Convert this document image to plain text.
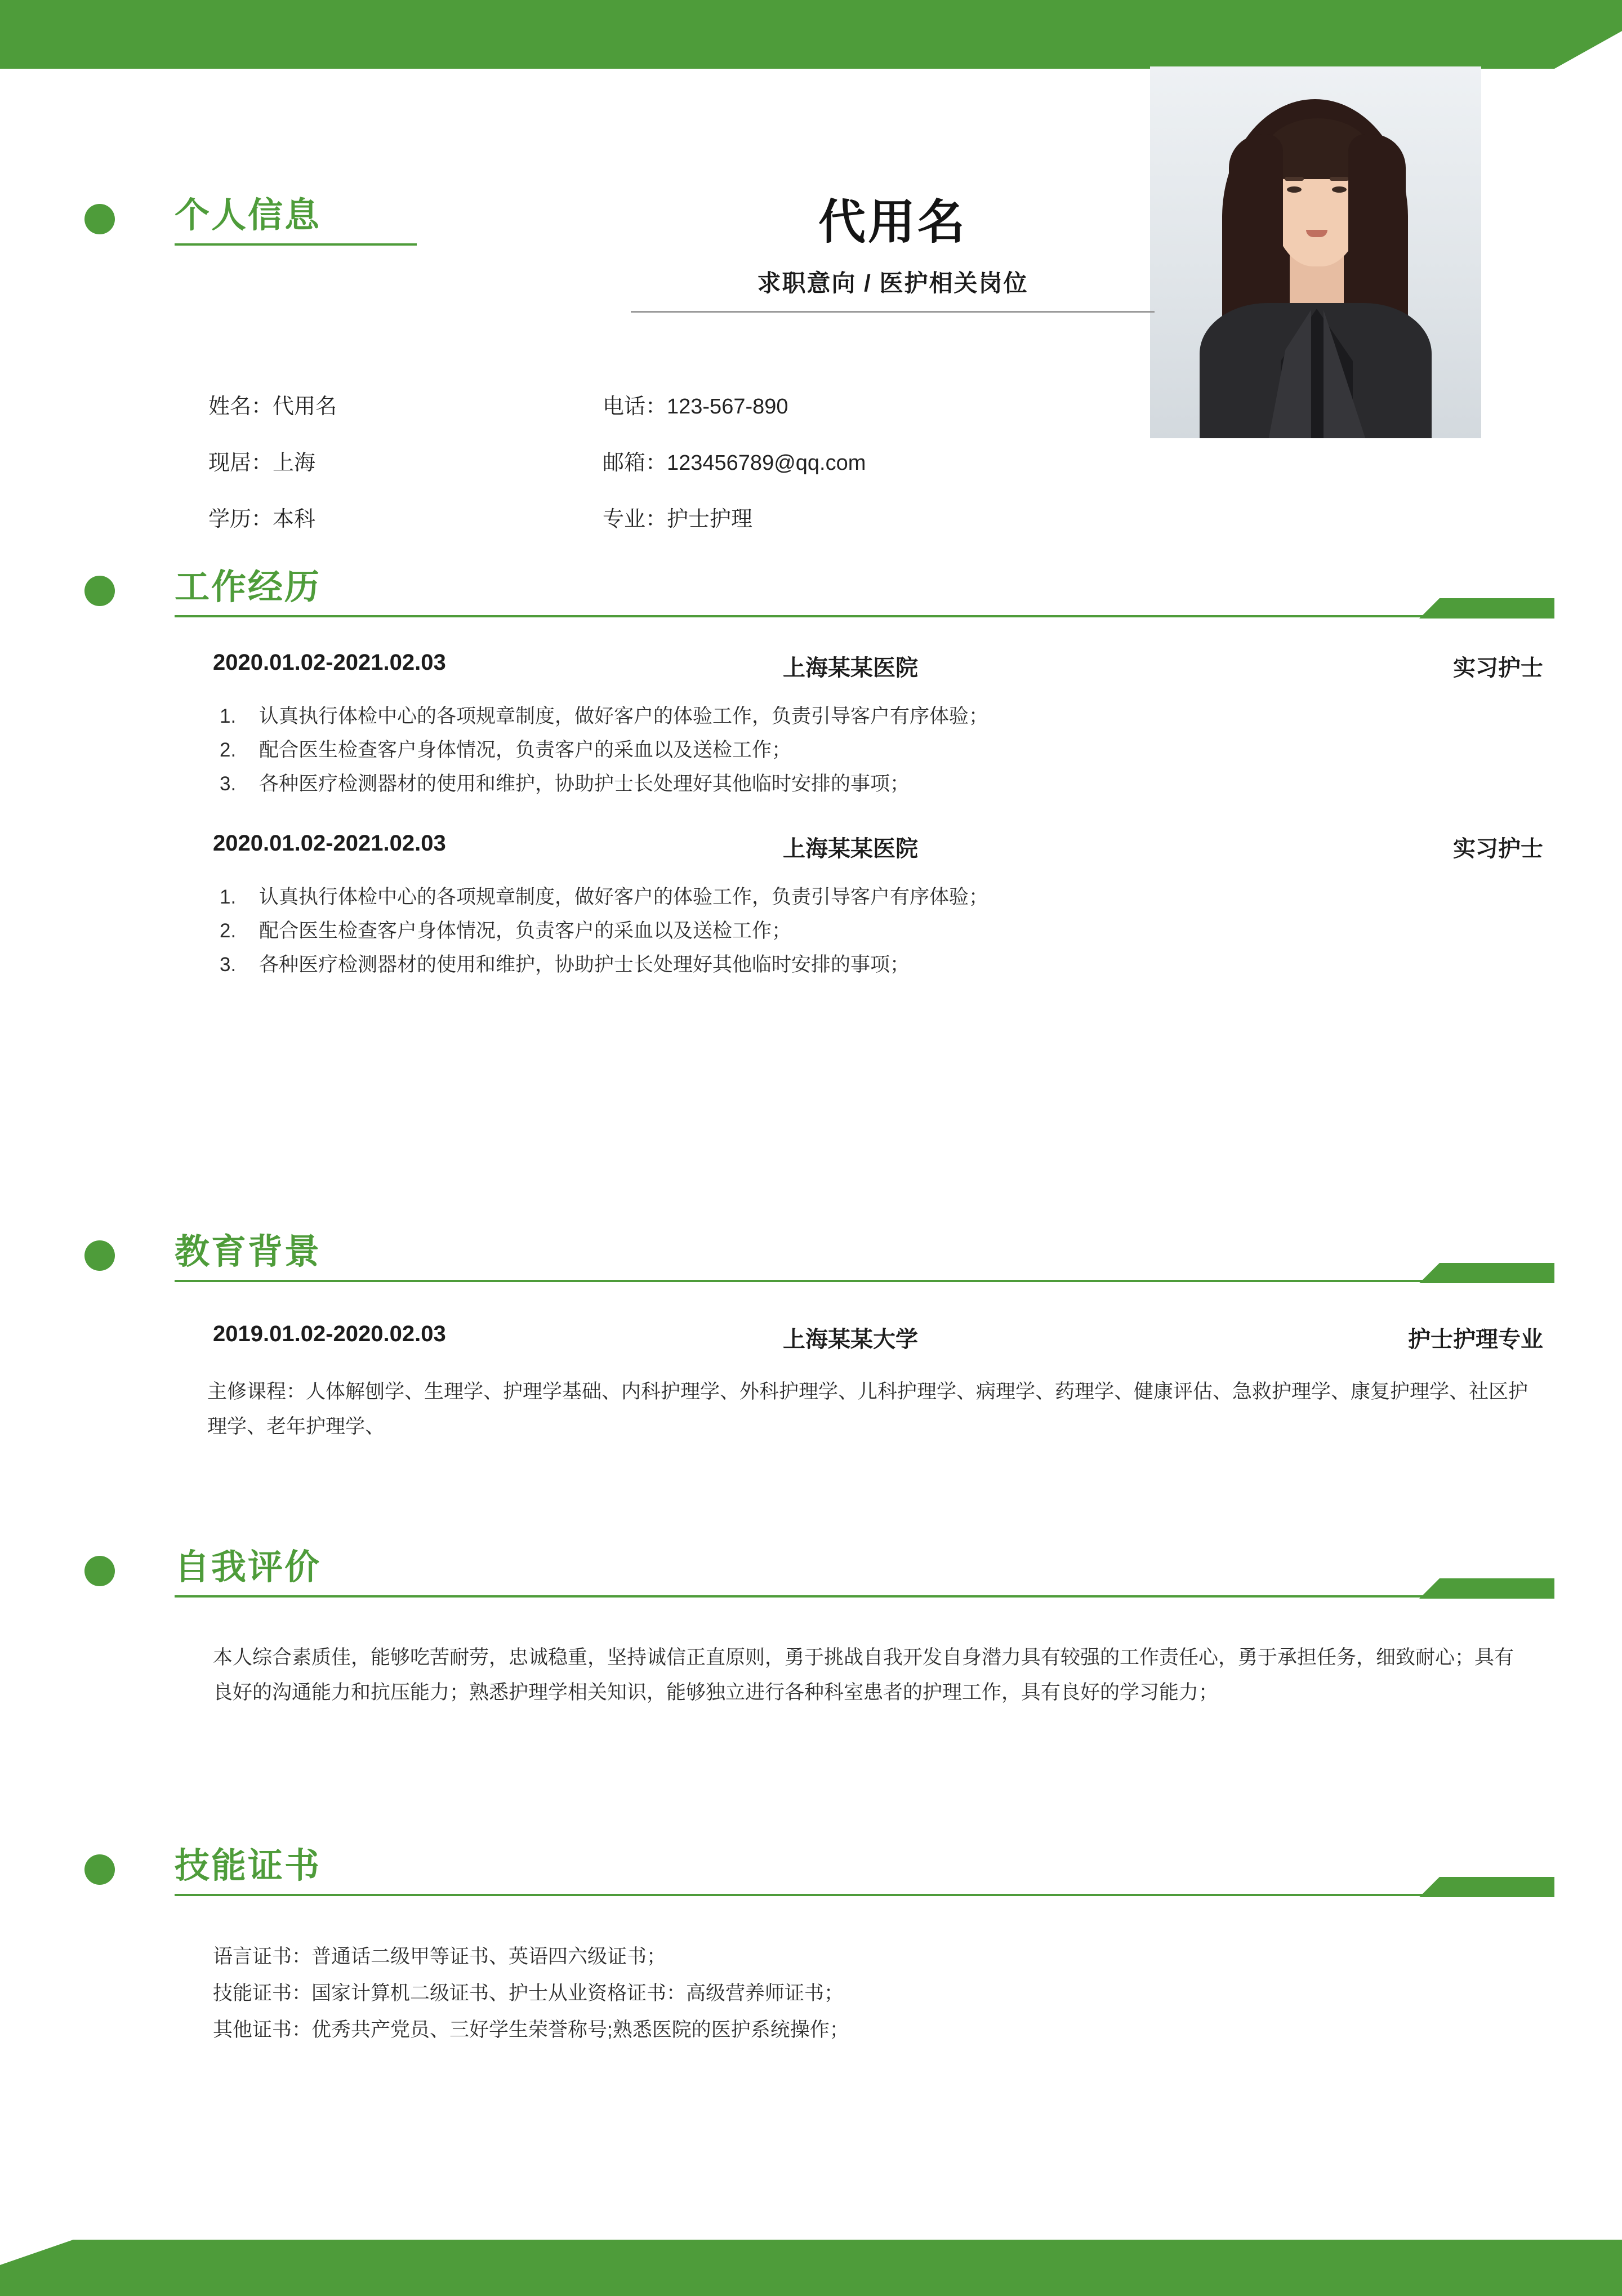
代用名
求职意向 / 医护相关岗位
个人信息
姓名：代用名	电话：123-567-890
现居：上海	邮箱：123456789@qq.com
学历：本科	专业：护士护理
工作经历
2020.01.02-2021.02.03	上海某某医院	实习护士
1. 认真执行体检中心的各项规章制度，做好客户的体验工作，负责引导客户有序体验；
2. 配合医生检查客户身体情况，负责客户的采血以及送检工作；
3. 各种医疗检测器材的使用和维护，协助护士长处理好其他临时安排的事项；
2020.01.02-2021.02.03	上海某某医院	实习护士
1. 认真执行体检中心的各项规章制度，做好客户的体验工作，负责引导客户有序体验；
2. 配合医生检查客户身体情况，负责客户的采血以及送检工作；
3. 各种医疗检测器材的使用和维护，协助护士长处理好其他临时安排的事项；
教育背景
2019.01.02-2020.02.03	上海某某大学	护士护理专业

主修课程：人体解刨学、生理学、护理学基础、内科护理学、外科护理学、儿科护理学、病理学、药理学、健康评估、急救护理学、康复护理学、社区护理学、老年护理学、

自我评价

本人综合素质佳，能够吃苦耐劳，忠诚稳重，坚持诚信正直原则，勇于挑战自我开发自身潜力具有较强的工作责任心，勇于承担任务，细致耐心；具有良好的沟通能力和抗压能力；熟悉护理学相关知识，能够独立进行各种科室患者的护理工作，具有良好的学习能力；

技能证书
语言证书：普通话二级甲等证书、英语四六级证书；
技能证书：国家计算机二级证书、护士从业资格证书：高级营养师证书；
其他证书：优秀共产党员、三好学生荣誉称号;熟悉医院的医护系统操作；
